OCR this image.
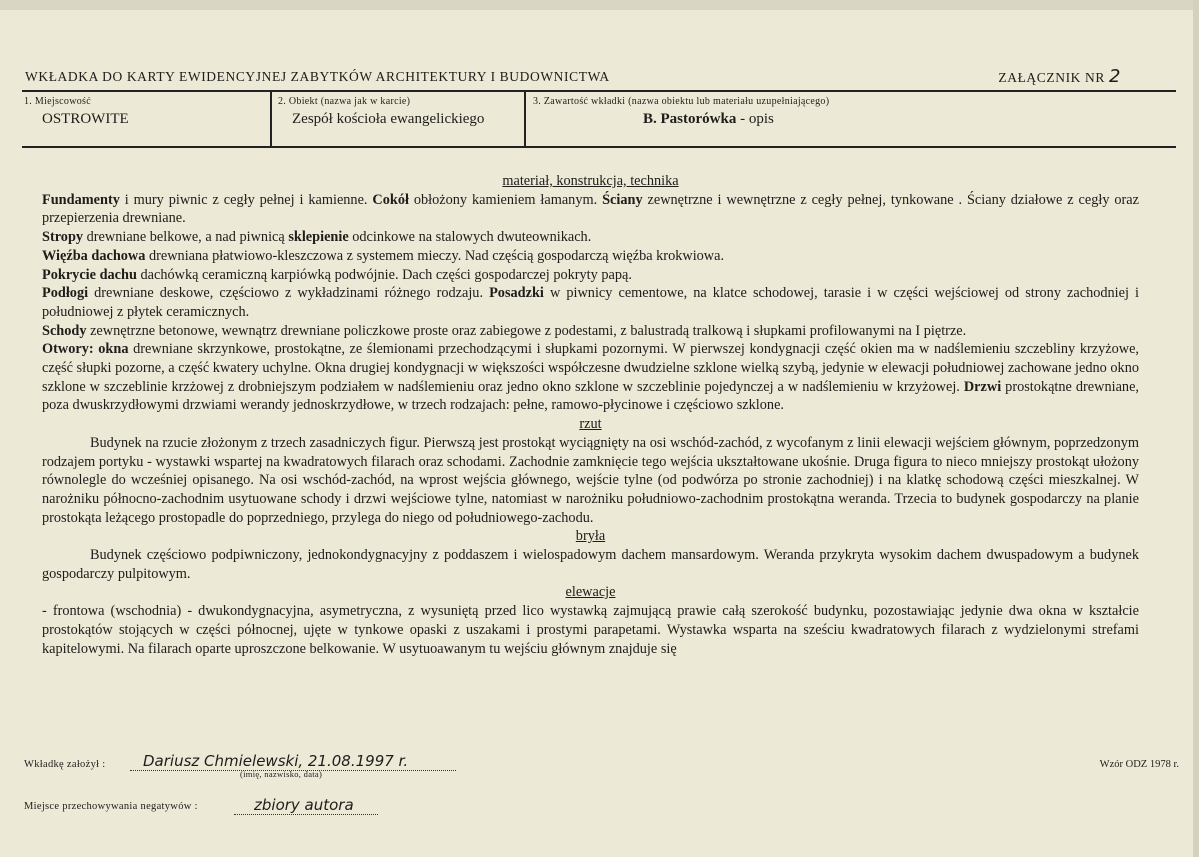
WKŁADKA DO KARTY EWIDENCYJNEJ ZABYTKÓW ARCHITEKTURY I BUDOWNICTWA	ZAŁĄCZNIK NR 2
1. Miejscowość
OSTROWITE
2. Obiekt (nazwa jak w karcie)
Zespół kościoła ewangelickiego
3. Zawartość wkładki (nazwa obiektu lub materiału uzupełniającego)
B. Pastorówka - opis

materiał, konstrukcja, technika

Fundamenty i mury piwnic z cegły pełnej i kamienne. Cokół obłożony kamieniem łamanym. Ściany zewnętrzne i wewnętrzne z cegły pełnej, tynkowane . Ściany działowe z cegły oraz przepierzenia drewniane.

Stropy drewniane belkowe, a nad piwnicą sklepienie odcinkowe na stalowych dwuteownikach.

Więźba dachowa drewniana płatwiowo-kleszczowa z systemem mieczy. Nad częścią gospodarczą więźba krokwiowa.

Pokrycie dachu dachówką ceramiczną karpiówką podwójnie. Dach części gospodarczej pokryty papą.

Podłogi drewniane deskowe, częściowo z wykładzinami różnego rodzaju. Posadzki w piwnicy cementowe, na klatce schodowej, tarasie i w części wejściowej od strony zachodniej i południowej z płytek ceramicznych.

Schody zewnętrzne betonowe, wewnątrz drewniane policzkowe proste oraz zabiegowe z podestami, z balustradą tralkową i słupkami profilowanymi na I piętrze.

Otwory: okna drewniane skrzynkowe, prostokątne, ze ślemionami przechodzącymi i słupkami pozornymi. W pierwszej kondygnacji część okien ma w nadślemieniu szczebliny krzyżowe, część słupki pozorne, a część kwatery uchylne. Okna drugiej kondygnacji w większości współczesne dwudzielne szklone wielką szybą, jedynie w elewacji południowej zachowane jedno okno szklone w szczeblinie krzżowej z drobniejszym podziałem w nadślemieniu oraz jedno okno szklone w szczeblinie pojedynczej a w nadślemieniu w krzyżowej. Drzwi prostokątne drewniane, poza dwuskrzydłowymi drzwiami werandy jednoskrzydłowe, w trzech rodzajach: pełne, ramowo-płycinowe i częściowo szklone.

rzut

Budynek na rzucie złożonym z trzech zasadniczych figur. Pierwszą jest prostokąt wyciągnięty na osi wschód-zachód, z wycofanym z linii elewacji wejściem głównym, poprzedzonym rodzajem portyku - wystawki wspartej na kwadratowych filarach oraz schodami. Zachodnie zamknięcie tego wejścia ukształtowane ukośnie. Druga figura to nieco mniejszy prostokąt ułożony równolegle do wcześniej opisanego. Na osi wschód-zachód, na wprost wejścia głównego, wejście tylne (od podwórza po stronie zachodniej) i na klatkę schodową części mieszkalnej. W narożniku północno-zachodnim usytuowane schody i drzwi wejściowe tylne, natomiast w narożniku południowo-zachodnim prostokątna weranda. Trzecia to budynek gospodarczy na planie prostokąta leżącego prostopadle do poprzedniego, przylega do niego od południowego-zachodu.

bryła

Budynek częściowo podpiwniczony, jednokondygnacyjny z poddaszem i wielospadowym dachem mansardowym. Weranda przykryta wysokim dachem dwuspadowym a budynek gospodarczy pulpitowym.

elewacje

- frontowa (wschodnia) - dwukondygnacyjna, asymetryczna, z wysuniętą przed lico wystawką zajmującą prawie całą szerokość budynku, pozostawiając jedynie dwa okna w kształcie prostokątów stojących w części północnej, ujęte w tynkowe opaski z uszakami i prostymi parapetami. Wystawka wsparta na sześciu kwadratowych filarach z wydzielonymi strefami kapitelowymi. Na filarach oparte uproszczone belkowanie. W usytuoawanym tu wejściu głównym znajduje się

Wkładkę założył :	Dariusz Chmielewski, 21.08.1997 r.
(imię, nazwisko, data)
Wzór ODZ 1978 r.
Miejsce przechowywania negatywów :	zbiory autora
